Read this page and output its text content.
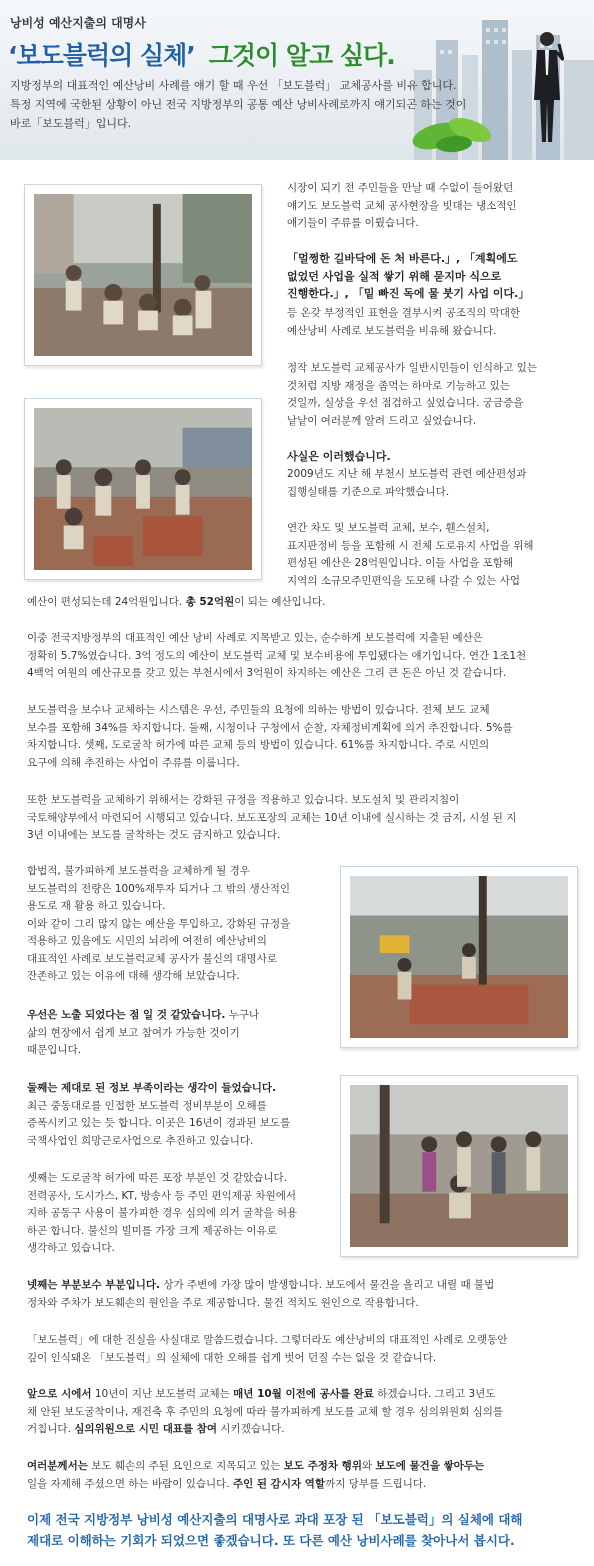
낭비성 예산지출의 대명사
‘보도블럭의 실체’ 그것이 알고 싶다.
지방정부의 대표적인 예산낭비 사례를 얘기 할 때 우선 「보도블럭」 교체공사를 비유 합니다.
특정 지역에 국한된 상황이 아닌 전국 지방정부의 공통 예산 낭비사례로까지 얘기되곤 하는 것이
바로「보도블럭」입니다.
시장이 되기 전 주민들을 만날 때 수없이 들어왔던
얘기도 보도블럭 교체 공사현장을 빗대는 냉소적인
얘기들이 주류를 이뤘습니다.
「멀쩡한 길바닥에 돈 처 바른다.」, 「계획에도
없었던 사업을 실적 쌓기 위해 묻지마 식으로
진행한다.」, 「밑 빠진 독에 물 붓기 사업 이다.」
등 온갖 부정적인 표현을 결부시켜 공조직의 막대한
예산낭비 사례로 보도블럭을 비유해 왔습니다.
정작 보도블럭 교체공사가 일반시민들이 인식하고 있는
것처럼 지방 재정을 좀먹는 하마로 기능하고 있는
것일까, 실상을 우선 점검하고 싶었습니다. 궁금증을
낱낱이 여러분께 알려 드리고 싶었습니다.
사실은 이러했습니다.
2009년도 지난 해 부천시 보도블럭 관련 예산편성과
집행실태를 기준으로 파악했습니다.
연간 차도 및 보도블럭 교체, 보수, 휀스설치,
표지판정비 등을 포함해 시 전체 도로유지 사업을 위해
편성된 예산은 28억원입니다. 이들 사업을 포함해
지역의 소규모주민편익을 도모해 나갈 수 있는 사업
예산이 편성되는데 24억원입니다. 총 52억원이 되는 예산입니다.
이중 전국지방정부의 대표적인 예산 낭비 사례로 지목받고 있는, 순수하게 보도블럭에 지출된 예산은
정확히 5.7%였습니다. 3억 정도의 예산이 보도블럭 교체 및 보수비용에 투입됐다는 얘기입니다. 연간 1조1천
4백억 여원의 예산규모를 갖고 있는 부천시에서 3억원이 차지하는 예산은 그리 큰 돈은 아닌 것 같습니다.
보도블럭을 보수나 교체하는 시스템은 우선, 주민들의 요청에 의하는 방법이 있습니다. 전체 보도 교체
보수를 포함해 34%를 차지합니다. 둘째, 시청이나 구청에서 순찰, 자체정비계획에 의거 추진합니다. 5%를
차지합니다. 셋째, 도로굴착 허가에 따른 교체 등의 방법이 있습니다. 61%를 차지합니다. 주로 시민의
요구에 의해 추진하는 사업이 주류를 이룹니다.
또한 보도블럭을 교체하기 위해서는 강화된 규정을 적용하고 있습니다. 보도설치 및 관리지침이
국토해양부에서 마련되어 시행되고 있습니다. 보도포장의 교체는 10년 이내에 실시하는 것 금지, 시설 된 지
3년 이내에는 보도를 굴착하는 것도 금지하고 있습니다.
합법적, 불가피하게 보도블럭을 교체하게 될 경우
보도블럭의 전량은 100%재투자 되거나 그 밖의 생산적인
용도로 재 활용 하고 있습니다.
이와 같이 그리 많지 않는 예산을 투입하고, 강화된 규정을
적용하고 있음에도 시민의 뇌리에 여전히 예산낭비의
대표적인 사례로 보도블럭교체 공사가 불신의 대명사로
잔존하고 있는 이유에 대해 생각해 보았습니다.
우선은 노출 되었다는 점 일 것 같았습니다. 누구나
삶의 현장에서 쉽게 보고 참여가 가능한 것이기
때문입니다.
둘째는 제대로 된 정보 부족이라는 생각이 들었습니다.
최근 중동대로를 인접한 보도블럭 정비부분이 오해를
증폭시키고 있는 듯 합니다. 이곳은 16년이 경과된 보도를
국책사업인 희망근로사업으로 추진하고 있습니다.
셋째는 도로굴착 허가에 따른 포장 부분인 것 같았습니다.
전력공사, 도시가스, KT, 방송사 등 주민 편익제공 차원에서
지하 공동구 사용이 불가피한 경우 심의에 의거 굴착을 허용
하곤 합니다. 불신의 빌미를 가장 크게 제공하는 이유로
생각하고 있습니다.
넷째는 부분보수 부분입니다. 상가 주변에 가장 많이 발생합니다. 보도에서 물건을 올리고 내릴 때 불법
정차와 주차가 보도훼손의 원인을 주로 제공합니다. 물건 적치도 원인으로 작용합니다.
「보도블럭」에 대한 진실을 사실대로 말씀드렸습니다. 그렇더라도 예산낭비의 대표적인 사례로 오랫동안
깊이 인식돼온 「보도블럭」의 실체에 대한 오해를 쉽게 벗어 던질 수는 없을 것 같습니다.
앞으로 시에서 10년이 지난 보도블럭 교체는 매년 10월 이전에 공사를 완료 하겠습니다. 그리고 3년도
채 안된 보도굴착이나, 재건축 후 주민의 요청에 따라 불가피하게 보도를 교체 할 경우 심의위원회 심의를
거칩니다. 심의위원으로 시민 대표를 참여 시키겠습니다.
여러분께서는 보도 훼손의 주된 요인으로 지목되고 있는 보도 주정차 행위와 보도에 물건을 쌓아두는
일을 자제해 주셨으면 하는 바람이 있습니다. 주인 된 감시자 역할까지 당부를 드립니다.
이제 전국 지방정부 낭비성 예산지출의 대명사로 과대 포장 된 「보도블럭」의 실체에 대해
제대로 이해하는 기회가 되었으면 좋겠습니다. 또 다른 예산 낭비사례를 찾아나서 봅시다.
